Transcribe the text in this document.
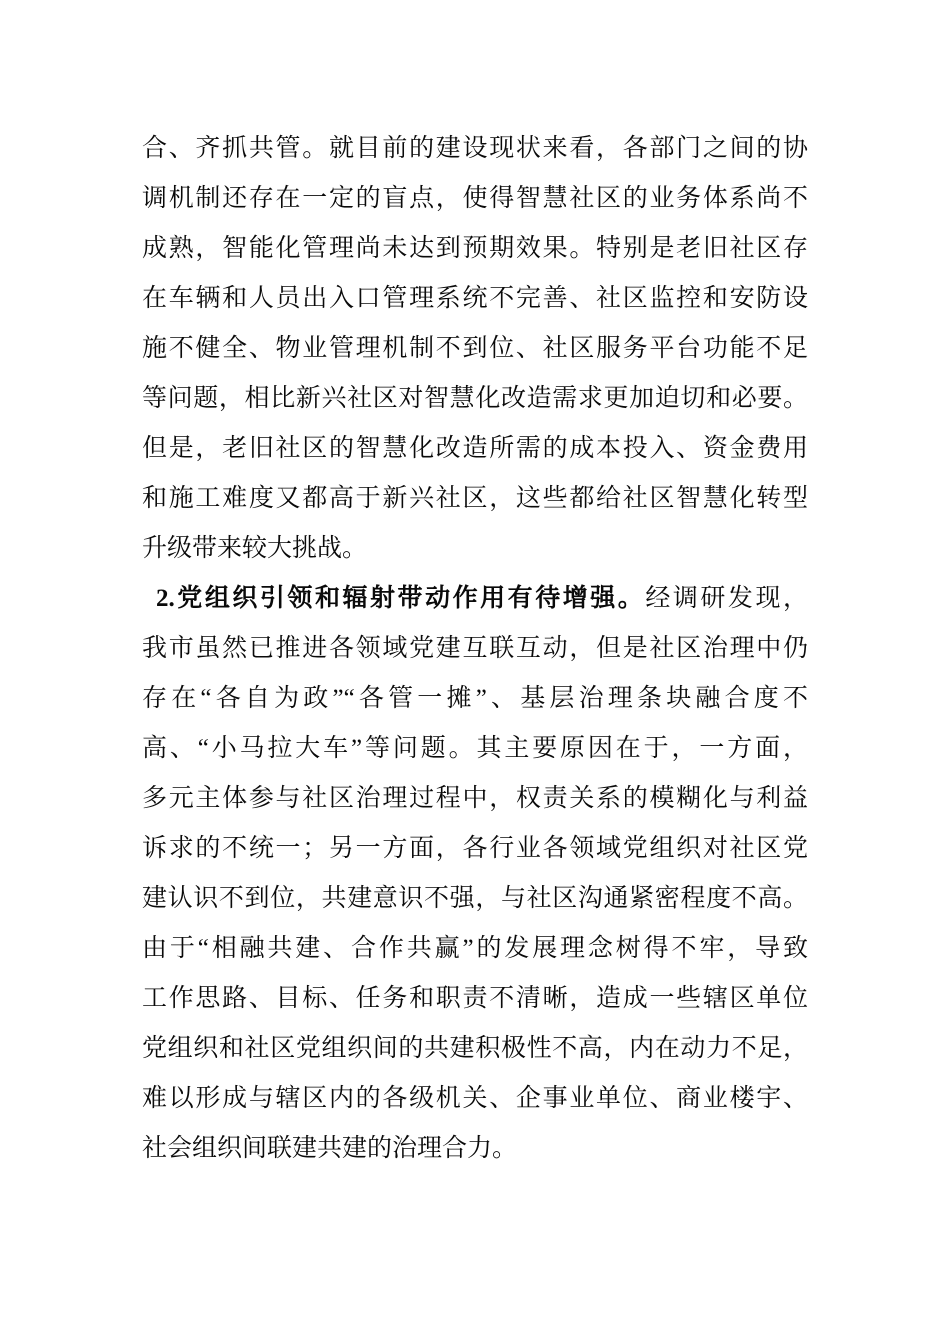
合、齐抓共管。就目前的建设现状来看，各部门之间的协
调机制还存在一定的盲点，使得智慧社区的业务体系尚不
成熟，智能化管理尚未达到预期效果。特别是老旧社区存
在车辆和人员出入口管理系统不完善、社区监控和安防设
施不健全、物业管理机制不到位、社区服务平台功能不足
等问题，相比新兴社区对智慧化改造需求更加迫切和必要。
但是，老旧社区的智慧化改造所需的成本投入、资金费用
和施工难度又都高于新兴社区，这些都给社区智慧化转型
升级带来较大挑战。
2.党组织引领和辐射带动作用有待增强。经调研发现，
我市虽然已推进各领域党建互联互动，但是社区治理中仍
存在“各自为政”“各管一摊”、基层治理条块融合度不
高、“小马拉大车”等问题。其主要原因在于，一方面，
多元主体参与社区治理过程中，权责关系的模糊化与利益
诉求的不统一；另一方面，各行业各领域党组织对社区党
建认识不到位，共建意识不强，与社区沟通紧密程度不高。
由于“相融共建、合作共赢”的发展理念树得不牢，导致
工作思路、目标、任务和职责不清晰，造成一些辖区单位
党组织和社区党组织间的共建积极性不高，内在动力不足，
难以形成与辖区内的各级机关、企事业单位、商业楼宇、
社会组织间联建共建的治理合力。
